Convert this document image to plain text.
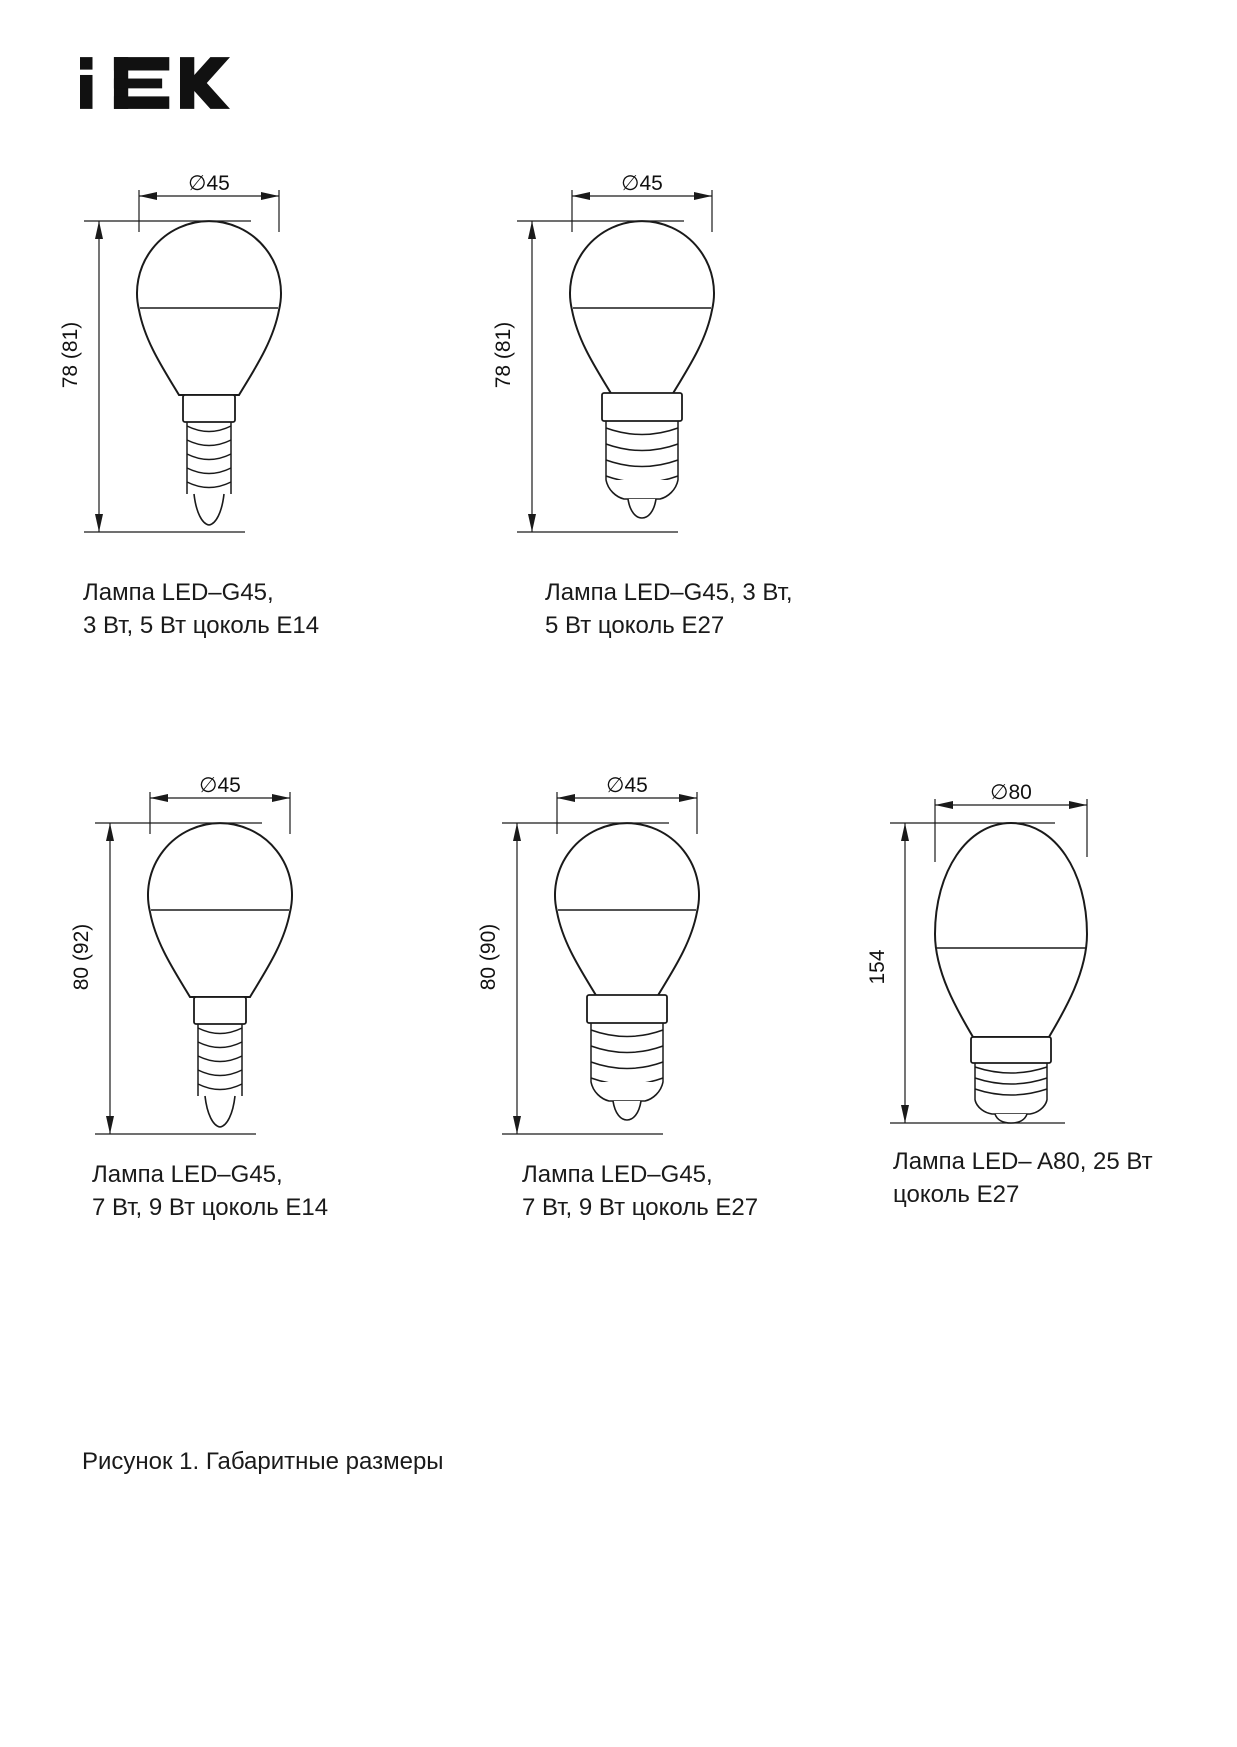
∅45
78 (81)
∅45
78 (81)
∅45
80 (92)
∅45
80 (90)
∅80
154
Лампа LED–G45,
3 Вт, 5 Вт цоколь Е14
Лампа LED–G45, 3 Вт,
5 Вт цоколь Е27
Лампа LED–G45,
7 Вт, 9 Вт цоколь Е14
Лампа LED–G45,
7 Вт, 9 Вт цоколь Е27
Лампа LED– A80, 25 Вт
цоколь Е27
Рисунок 1. Габаритные размеры
